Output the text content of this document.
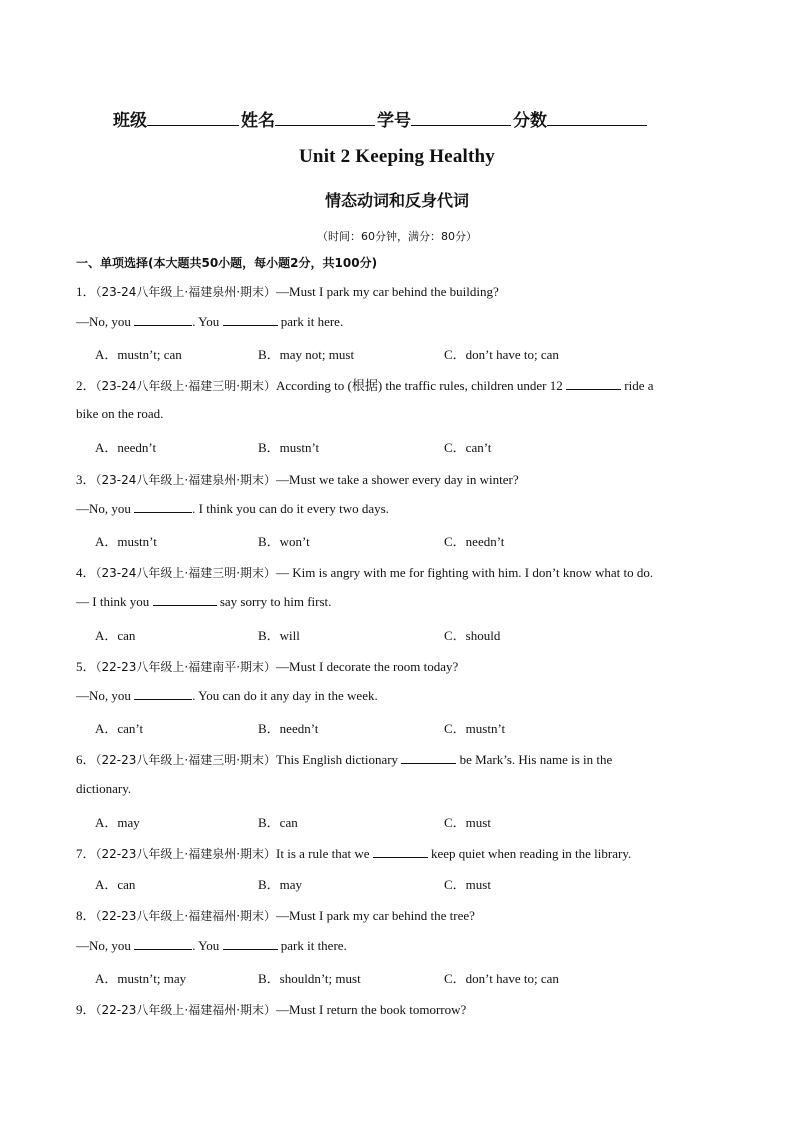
班级	姓名	学号	分数
Unit 2 Keeping Healthy
情态动词和反身代词
（时间：60分钟，满分：80分）
一、单项选择(本大题共50小题，每小题2分，共100分)
1．（23-24八年级上·福建泉州·期末）—Must I park my car behind the building?
—No, you	. You	park it here.
A．mustn’t; can	B．may not; must	C．don’t have to; can
2．（23-24八年级上·福建三明·期末）According to (根据) the traffic rules, children under 12	ride a
bike on the road.
A．needn’t	B．mustn’t	C．can’t
3．（23-24八年级上·福建泉州·期末）—Must we take a shower every day in winter?
—No, you	. I think you can do it every two days.
A．mustn’t	B．won’t	C．needn’t
4．（23-24八年级上·福建三明·期末）— Kim is angry with me for fighting with him. I don’t know what to do.
— I think you	say sorry to him first.
A．can	B．will	C．should
5．（22-23八年级上·福建南平·期末）—Must I decorate the room today?
—No, you	. You can do it any day in the week.
A．can’t	B．needn’t	C．mustn’t
6．（22-23八年级上·福建三明·期末）This English dictionary	be Mark’s. His name is in the
dictionary.
A．may	B．can	C．must
7．（22-23八年级上·福建泉州·期末）It is a rule that we	keep quiet when reading in the library.
A．can	B．may	C．must
8．（22-23八年级上·福建福州·期末）—Must I park my car behind the tree?
—No, you	. You	park it there.
A．mustn’t; may	B．shouldn’t; must	C．don’t have to; can
9．（22-23八年级上·福建福州·期末）—Must I return the book tomorrow?
